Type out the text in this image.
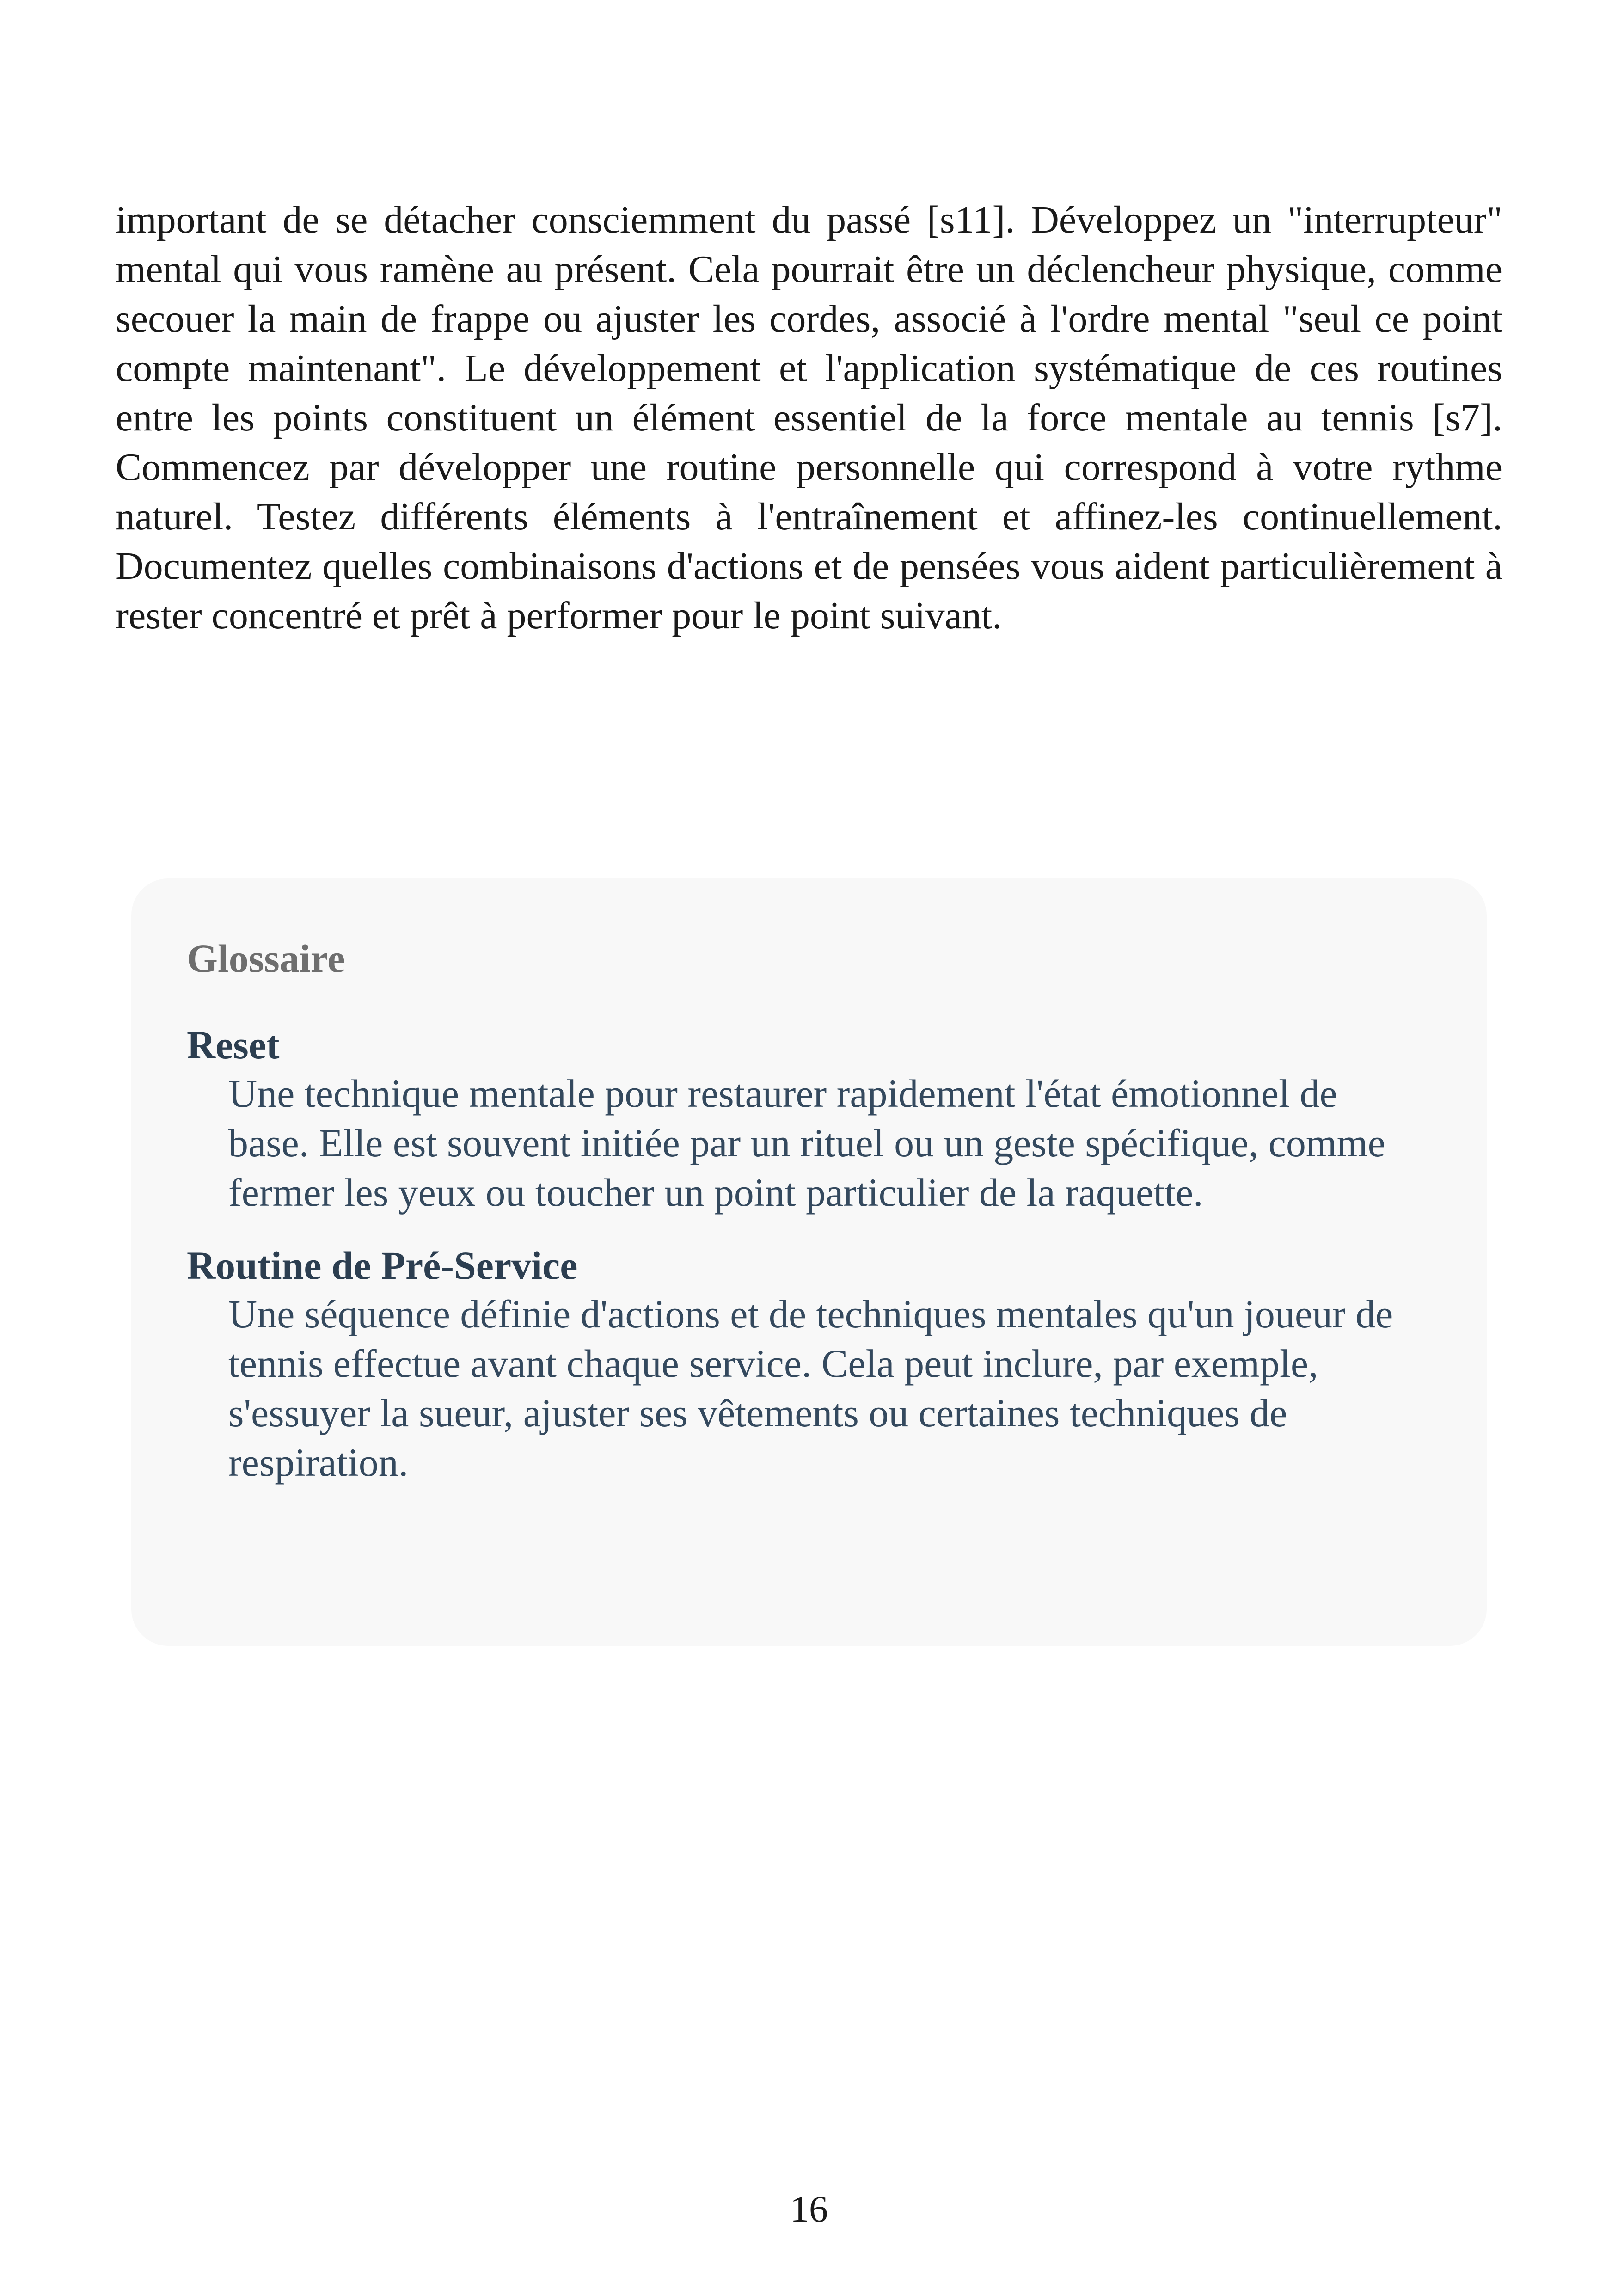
important de se détacher consciemment du passé [s11]. Développez un "interrupteur" mental qui vous ramène au présent. Cela pourrait être un déclencheur physique, comme secouer la main de frappe ou ajuster les cordes, associé à l'ordre mental "seul ce point compte maintenant". Le développement et l'application systématique de ces routines entre les points constituent un élément essentiel de la force mentale au tennis [s7]. Commencez par développer une routine personnelle qui correspond à votre rythme naturel. Testez différents éléments à l'entraînement et affinez-les continuellement. Documentez quelles combinaisons d'actions et de pensées vous aident particulièrement à rester concentré et prêt à performer pour le point suivant.

Glossaire
Reset
Une technique mentale pour restaurer rapidement l'état émotionnel de base. Elle est souvent initiée par un rituel ou un geste spécifique, comme fermer les yeux ou toucher un point particulier de la raquette.
Routine de Pré-Service
Une séquence définie d'actions et de techniques mentales qu'un joueur de tennis effectue avant chaque service. Cela peut inclure, par exemple, s'essuyer la sueur, ajuster ses vêtements ou certaines techniques de respiration.
16
